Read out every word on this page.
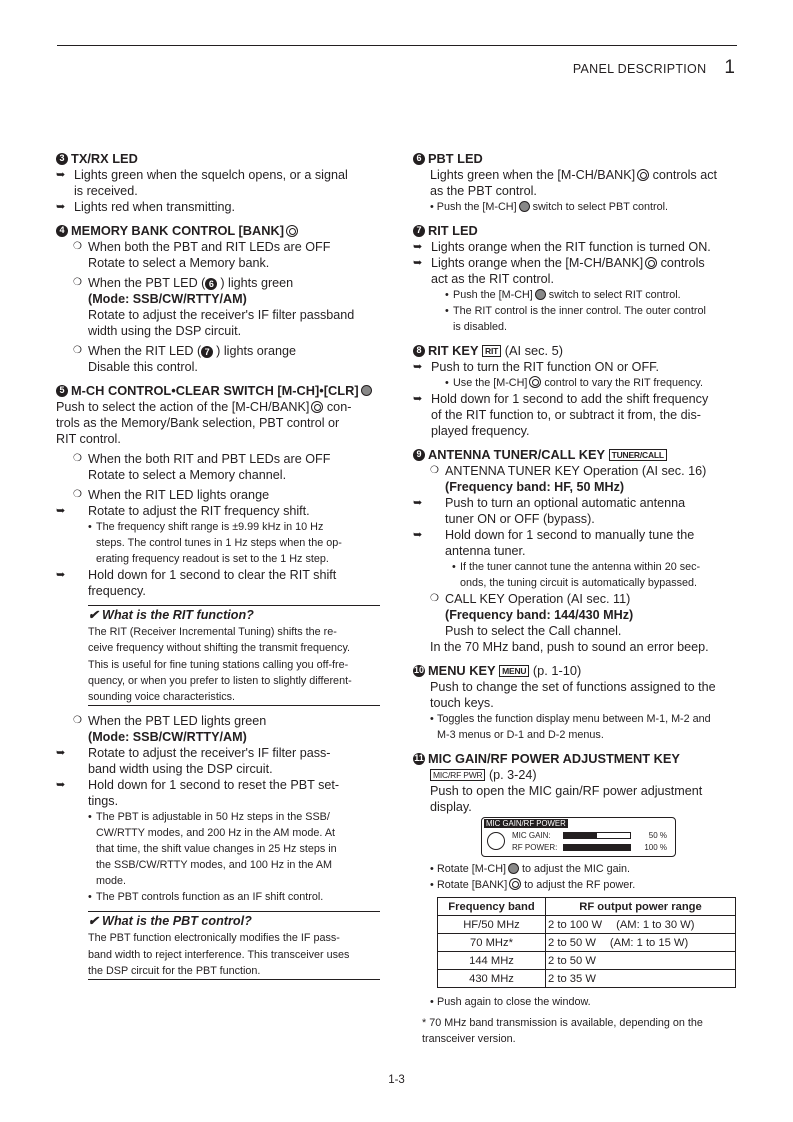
PANEL DESCRIPTION 1
3 TX/RX LED
➥ Lights green when the squelch opens, or a signal
is received.
➥ Lights red when transmitting.
4 MEMORY BANK CONTROL [BANK]
❍ When both the PBT and RIT LEDs are OFF
Rotate to select a Memory bank.
❍ When the PBT LED ( 6 ) lights green
(Mode: SSB/CW/RTTY/AM)
Rotate to adjust the receiver's IF filter passband
width using the DSP circuit.
❍ When the RIT LED ( 7 ) lights orange
Disable this control.
5 M-CH CONTROL•CLEAR SWITCH [M-CH]•[CLR]
Push to select the action of the [M-CH/BANK] con-
trols as the Memory/Bank selection, PBT control or
RIT control.
❍ When the both RIT and PBT LEDs are OFF
Rotate to select a Memory channel.
❍ When the RIT LED lights orange
➥ Rotate to adjust the RIT frequency shift.
• The frequency shift range is ±9.99 kHz in 10 Hz
steps. The control tunes in 1 Hz steps when the op-
erating frequency readout is set to the 1 Hz step.
➥ Hold down for 1 second to clear the RIT shift
frequency.
✔ What is the RIT function?
The RIT (Receiver Incremental Tuning) shifts the re-
ceive frequency without shifting the transmit frequency.
This is useful for fine tuning stations calling you off-fre-
quency, or when you prefer to listen to slightly different-
sounding voice characteristics.
❍ When the PBT LED lights green
(Mode: SSB/CW/RTTY/AM)
➥ Rotate to adjust the receiver's IF filter pass-
band width using the DSP circuit.
➥ Hold down for 1 second to reset the PBT set-
tings.
• The PBT is adjustable in 50 Hz steps in the SSB/
CW/RTTY modes, and 200 Hz in the AM mode. At
that time, the shift value changes in 25 Hz steps in
the SSB/CW/RTTY modes, and 100 Hz in the AM
mode.
• The PBT controls function as an IF shift control.
✔ What is the PBT control?
The PBT function electronically modifies the IF pass-
band width to reject interference. This transceiver uses
the DSP circuit for the PBT function.
6 PBT LED
Lights green when the [M-CH/BANK] controls act
as the PBT control.
• Push the [M-CH] switch to select PBT control.
7 RIT LED
➥ Lights orange when the RIT function is turned ON.
➥ Lights orange when the [M-CH/BANK] controls
act as the RIT control.
• Push the [M-CH] switch to select RIT control.
• The RIT control is the inner control. The outer control
is disabled.
8 RIT KEY
RIT
(AI sec. 5)
➥ Push to turn the RIT function ON or OFF.
• Use the [M-CH] control to vary the RIT frequency.
➥ Hold down for 1 second to add the shift frequency
of the RIT function to, or subtract it from, the dis-
played frequency.
9 ANTENNA TUNER/CALL KEY
TUNER/CALL
❍ ANTENNA TUNER KEY Operation (AI sec. 16)
(Frequency band: HF, 50 MHz)
➥ Push to turn an optional automatic antenna
tuner ON or OFF (bypass).
➥ Hold down for 1 second to manually tune the
antenna tuner.
• If the tuner cannot tune the antenna within 20 sec-
onds, the tuning circuit is automatically bypassed.
❍ CALL KEY Operation (AI sec. 11)
(Frequency band: 144/430 MHz)
Push to select the Call channel.
In the 70 MHz band, push to sound an error beep.
10 MENU KEY
MENU
(p. 1-10)
Push to change the set of functions assigned to the
touch keys.
• Toggles the function display menu between M-1, M-2 and
M-3 menus or D-1 and D-2 menus.
11 MIC GAIN/RF POWER ADJUSTMENT KEY
MIC/RF PWR (p. 3-24)
Push to open the MIC gain/RF power adjustment
display.
MIC GAIN/RF POWER
MIC GAIN:	50 %
RF POWER:	100 %
• Rotate [M-CH] to adjust the MIC gain.
• Rotate [BANK] to adjust the RF power.
Frequency band	RF output power range
HF/50 MHz	2 to 100 W (AM: 1 to 30 W)
70 MHz*	2 to 50 W (AM: 1 to 15 W)
144 MHz	2 to 50 W
430 MHz	2 to 35 W
• Push again to close the window.
* 70 MHz band transmission is available, depending on the
transceiver version.
1-3
